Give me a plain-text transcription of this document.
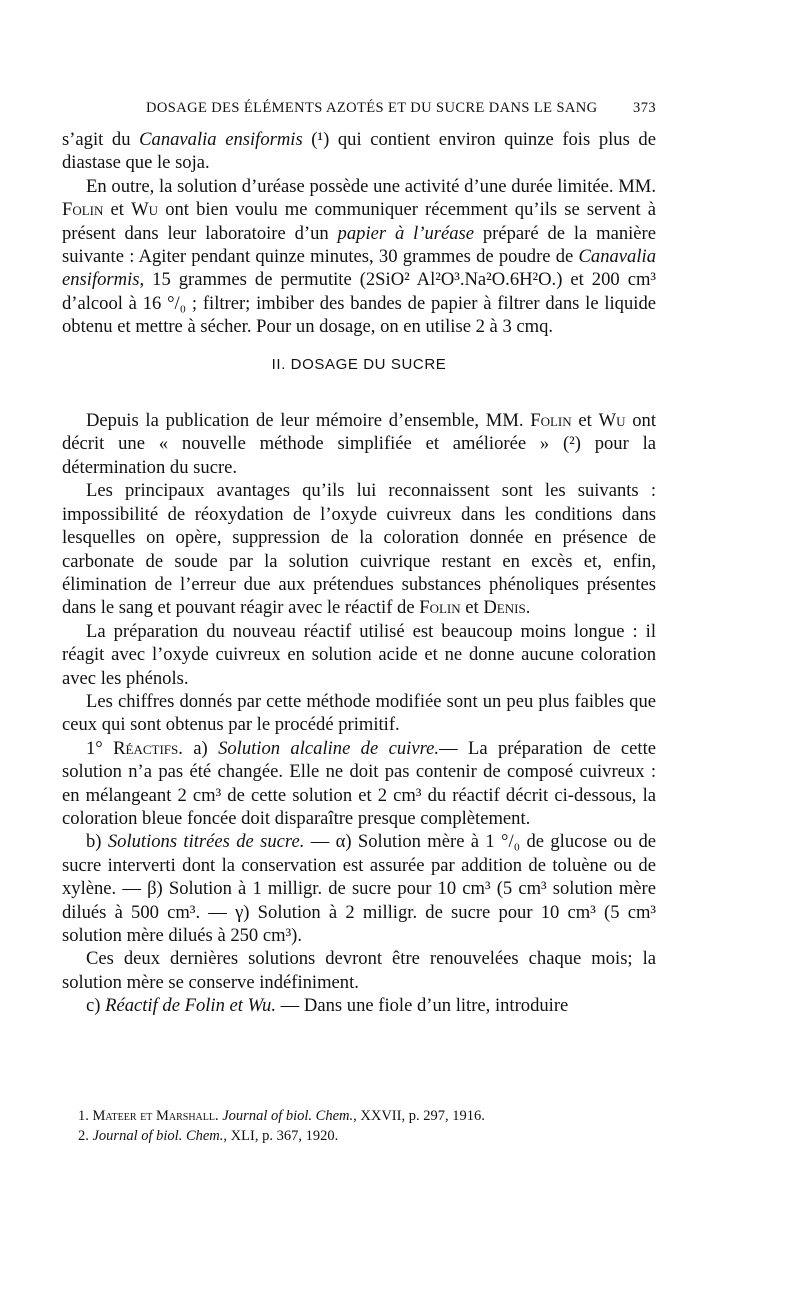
DOSAGE DES ÉLÉMENTS AZOTÉS ET DU SUCRE DANS LE SANG 373

s’agit du Canavalia ensiformis (¹) qui contient environ quinze fois plus de diastase que le soja.

En outre, la solution d’uréase possède une activité d’une durée limitée. MM. Folin et Wu ont bien voulu me communiquer récemment qu’ils se servent à présent dans leur laboratoire d’un papier à l’uréase préparé de la manière suivante : Agiter pendant quinze minutes, 30 grammes de poudre de Canavalia ensiformis, 15 grammes de permutite (2SiO² Al²O³.Na²O.6H²O.) et 200 cm³ d’alcool à 16 °/₀ ; filtrer; imbiber des bandes de papier à filtrer dans le liquide obtenu et mettre à sécher. Pour un dosage, on en utilise 2 à 3 cmq.

II. DOSAGE DU SUCRE

Depuis la publication de leur mémoire d’ensemble, MM. Folin et Wu ont décrit une « nouvelle méthode simplifiée et améliorée » (²) pour la détermination du sucre.

Les principaux avantages qu’ils lui reconnaissent sont les suivants : impossibilité de réoxydation de l’oxyde cuivreux dans les conditions dans lesquelles on opère, suppression de la coloration donnée en présence de carbonate de soude par la solution cuivrique restant en excès et, enfin, élimination de l’erreur due aux prétendues substances phénoliques présentes dans le sang et pouvant réagir avec le réactif de Folin et Denis.

La préparation du nouveau réactif utilisé est beaucoup moins longue : il réagit avec l’oxyde cuivreux en solution acide et ne donne aucune coloration avec les phénols.

Les chiffres donnés par cette méthode modifiée sont un peu plus faibles que ceux qui sont obtenus par le procédé primitif.

1° Réactifs. a) Solution alcaline de cuivre.— La préparation de cette solution n’a pas été changée. Elle ne doit pas contenir de composé cuivreux : en mélangeant 2 cm³ de cette solution et 2 cm³ du réactif décrit ci-dessous, la coloration bleue foncée doit disparaître presque complètement.

b) Solutions titrées de sucre. — α) Solution mère à 1 °/₀ de glucose ou de sucre interverti dont la conservation est assurée par addition de toluène ou de xylène. — β) Solution à 1 milligr. de sucre pour 10 cm³ (5 cm³ solution mère dilués à 500 cm³. — γ) Solution à 2 milligr. de sucre pour 10 cm³ (5 cm³ solution mère dilués à 250 cm³).

Ces deux dernières solutions devront être renouvelées chaque mois; la solution mère se conserve indéfiniment.

c) Réactif de Folin et Wu. — Dans une fiole d’un litre, introduire

1. Mateer et Marshall. Journal of biol. Chem., XXVII, p. 297, 1916.

2. Journal of biol. Chem., XLI, p. 367, 1920.
